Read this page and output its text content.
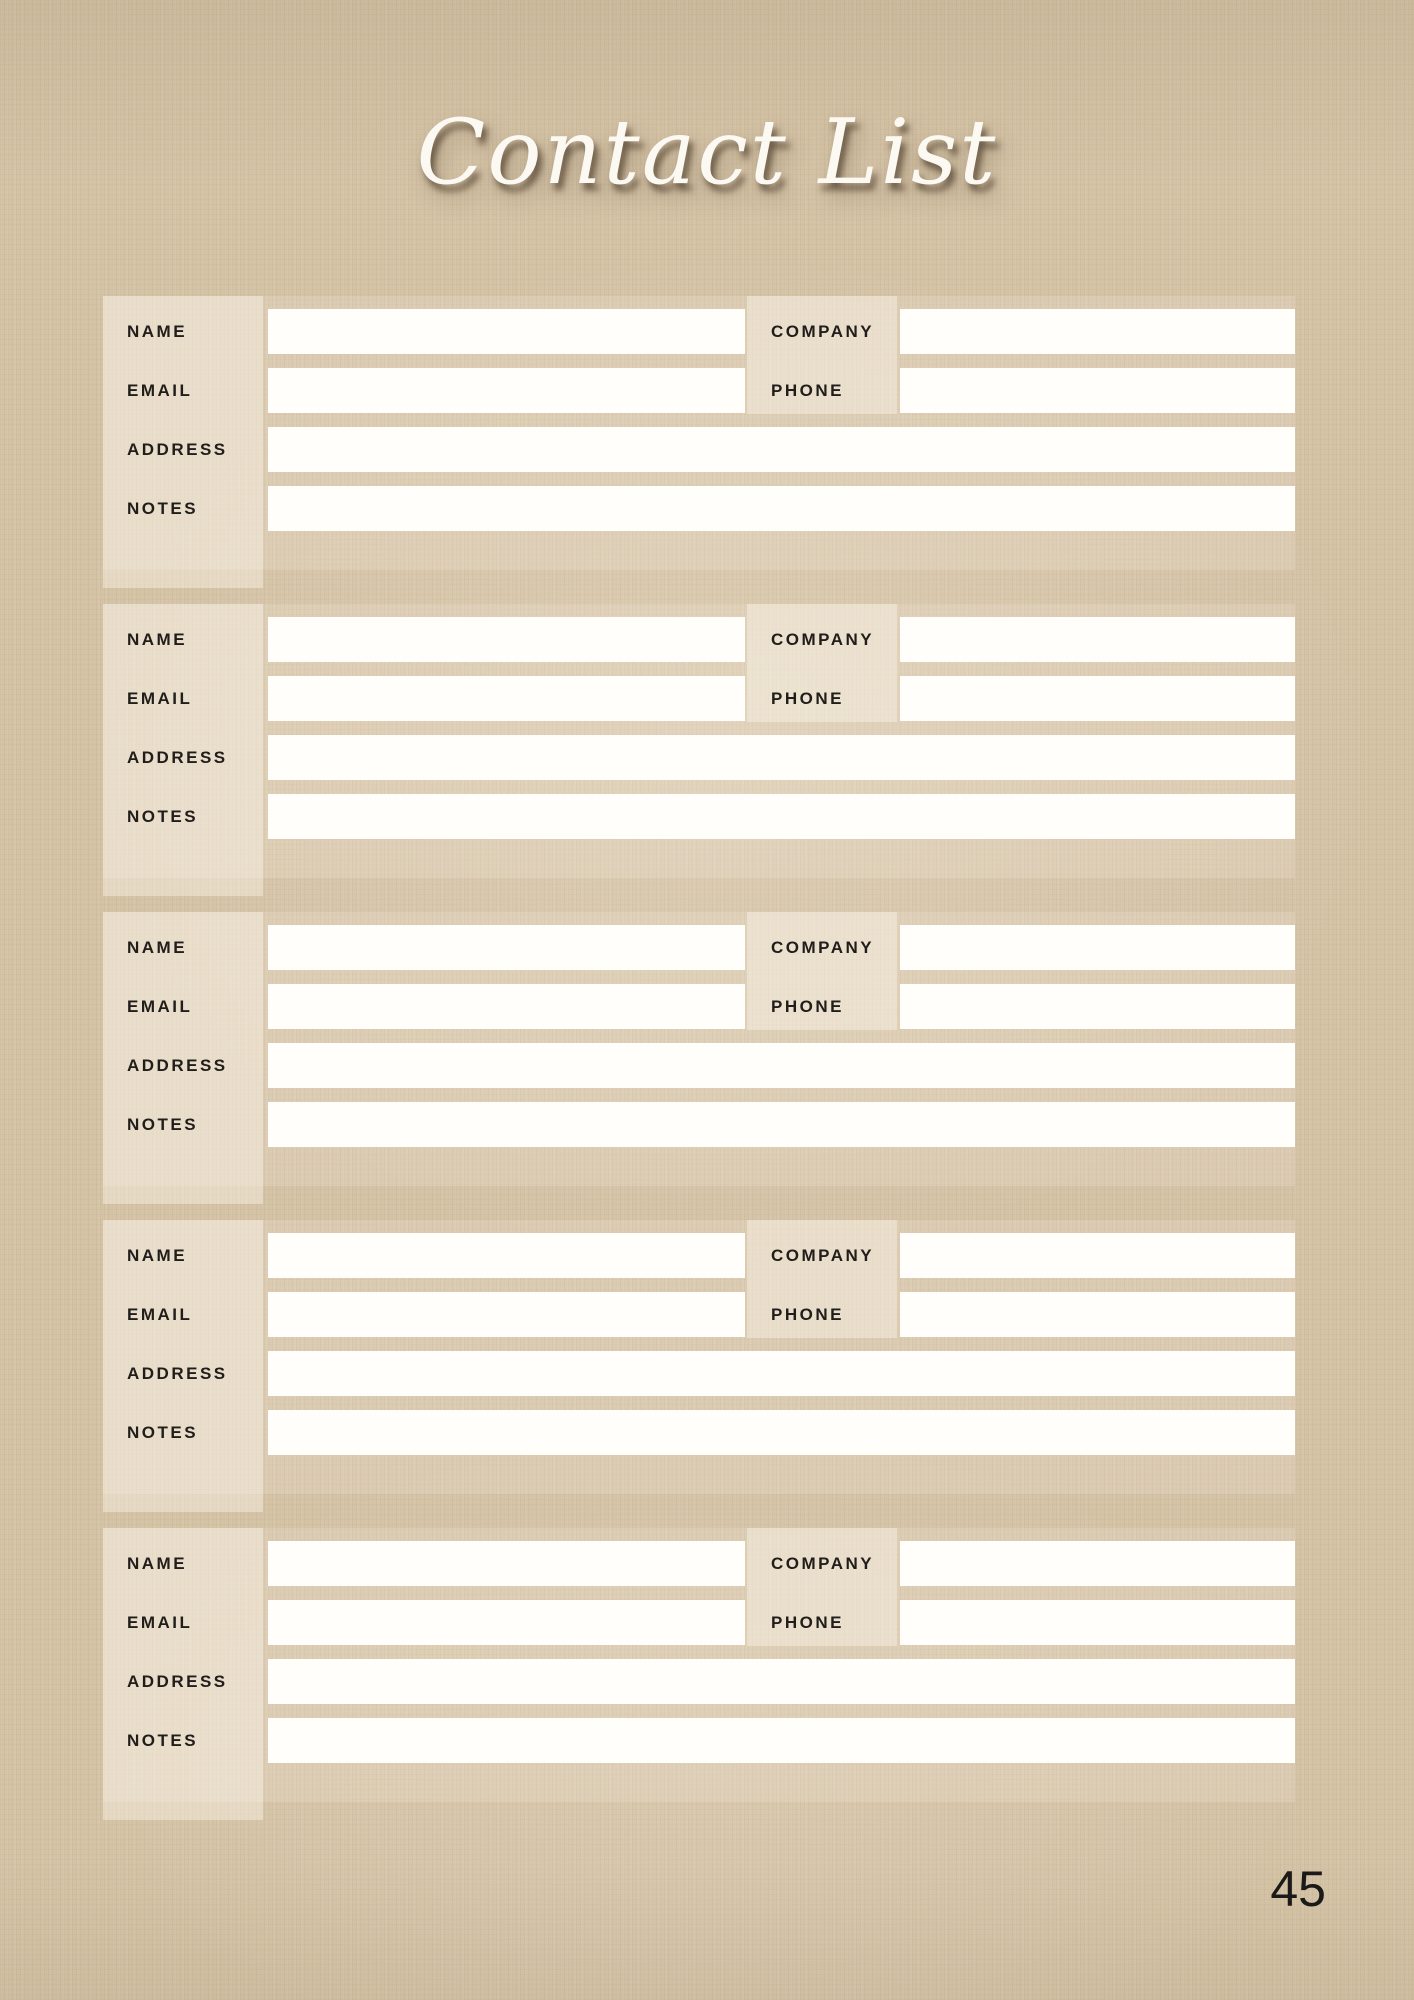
Contact List
NAME	COMPANY
EMAIL	PHONE
ADDRESS
NOTES
NAME	COMPANY
EMAIL	PHONE
ADDRESS
NOTES
NAME	COMPANY
EMAIL	PHONE
ADDRESS
NOTES
NAME	COMPANY
EMAIL	PHONE
ADDRESS
NOTES
NAME	COMPANY
EMAIL	PHONE
ADDRESS
NOTES
45
